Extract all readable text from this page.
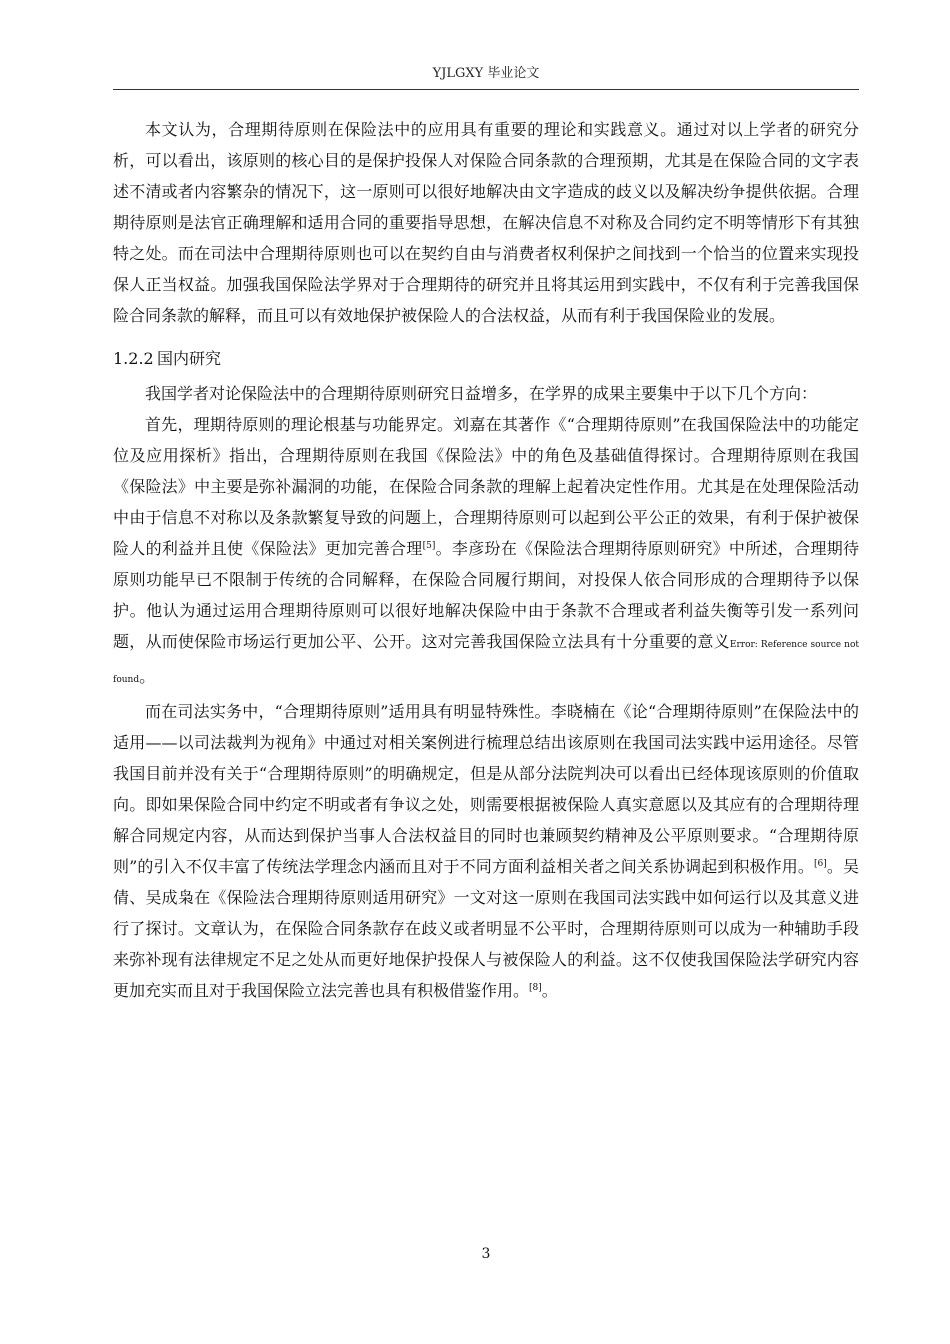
YJLGXY 毕业论文

本文认为，合理期待原则在保险法中的应用具有重要的理论和实践意义。通过对以上学者的研究分析，可以看出，该原则的核心目的是保护投保人对保险合同条款的合理预期，尤其是在保险合同的文字表述不清或者内容繁杂的情况下，这一原则可以很好地解决由文字造成的歧义以及解决纷争提供依据。合理期待原则是法官正确理解和适用合同的重要指导思想，在解决信息不对称及合同约定不明等情形下有其独特之处。而在司法中合理期待原则也可以在契约自由与消费者权利保护之间找到一个恰当的位置来实现投保人正当权益。加强我国保险法学界对于合理期待的研究并且将其运用到实践中，不仅有利于完善我国保险合同条款的解释，而且可以有效地保护被保险人的合法权益，从而有利于我国保险业的发展。

1.2.2 国内研究

我国学者对论保险法中的合理期待原则研究日益增多，在学界的成果主要集中于以下几个方向：

首先，理期待原则的理论根基与功能界定。刘嘉在其著作《“合理期待原则”在我国保险法中的功能定位及应用探析》指出，合理期待原则在我国《保险法》中的角色及基础值得探讨。合理期待原则在我国《保险法》中主要是弥补漏洞的功能，在保险合同条款的理解上起着决定性作用。尤其是在处理保险活动中由于信息不对称以及条款繁复导致的问题上，合理期待原则可以起到公平公正的效果，有利于保护被保险人的利益并且使《保险法》更加完善合理[5]。李彦玢在《保险法合理期待原则研究》中所述，合理期待原则功能早已不限制于传统的合同解释，在保险合同履行期间，对投保人依合同形成的合理期待予以保护。他认为通过运用合理期待原则可以很好地解决保险中由于条款不合理或者利益失衡等引发一系列问题，从而使保险市场运行更加公平、公开。这对完善我国保险立法具有十分重要的意义Error: Reference source not found。

而在司法实务中，“合理期待原则”适用具有明显特殊性。李晓楠在《论“合理期待原则”在保险法中的适用——以司法裁判为视角》中通过对相关案例进行梳理总结出该原则在我国司法实践中运用途径。尽管我国目前并没有关于“合理期待原则”的明确规定，但是从部分法院判决可以看出已经体现该原则的价值取向。即如果保险合同中约定不明或者有争议之处，则需要根据被保险人真实意愿以及其应有的合理期待理解合同规定内容，从而达到保护当事人合法权益目的同时也兼顾契约精神及公平原则要求。“合理期待原则”的引入不仅丰富了传统法学理念内涵而且对于不同方面利益相关者之间关系协调起到积极作用。[6]。吴倩、吴成枭在《保险法合理期待原则适用研究》一文对这一原则在我国司法实践中如何运行以及其意义进行了探讨。文章认为，在保险合同条款存在歧义或者明显不公平时，合理期待原则可以成为一种辅助手段来弥补现有法律规定不足之处从而更好地保护投保人与被保险人的利益。这不仅使我国保险法学研究内容更加充实而且对于我国保险立法完善也具有积极借鉴作用。[8]。

3
